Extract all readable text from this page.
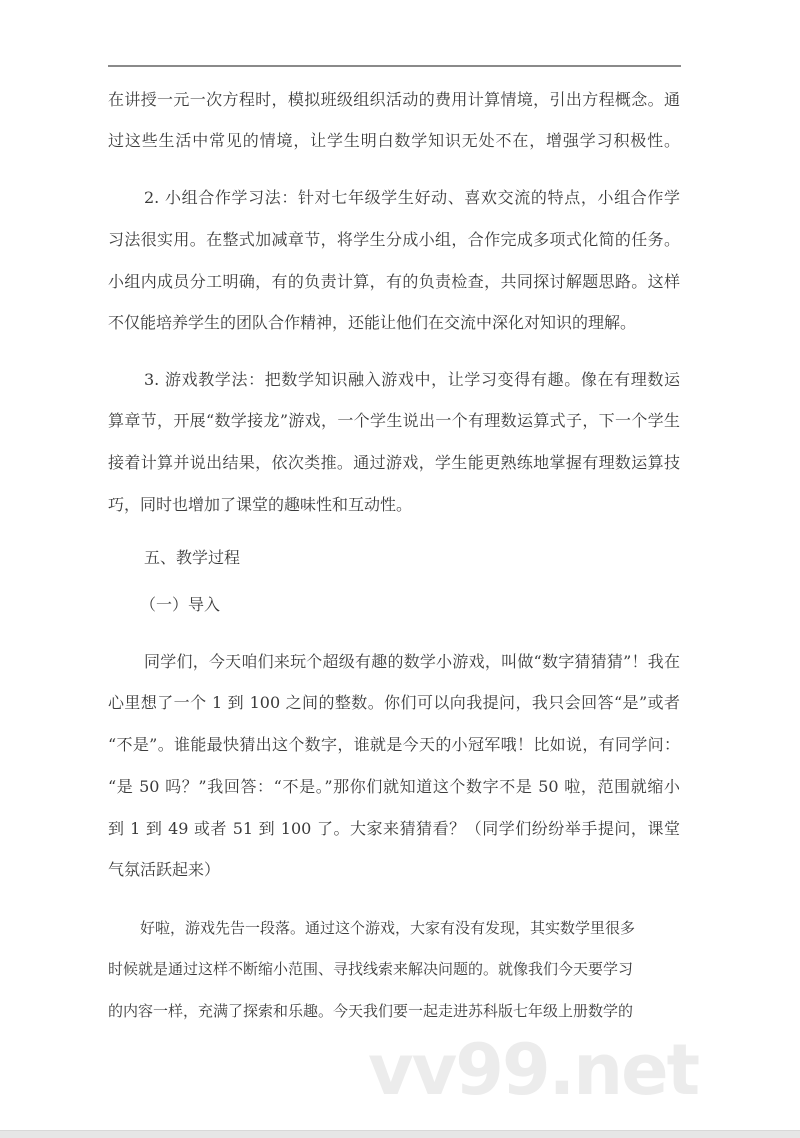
vv99.net
在讲授一元一次方程时，模拟班级组织活动的费用计算情境，引出方程概念。通
过这些生活中常见的情境，让学生明白数学知识无处不在，增强学习积极性。
2. 小组合作学习法：针对七年级学生好动、喜欢交流的特点，小组合作学
习法很实用。在整式加减章节，将学生分成小组，合作完成多项式化简的任务。
小组内成员分工明确，有的负责计算，有的负责检查，共同探讨解题思路。这样
不仅能培养学生的团队合作精神，还能让他们在交流中深化对知识的理解。
3. 游戏教学法：把数学知识融入游戏中，让学习变得有趣。像在有理数运
算章节，开展“数学接龙”游戏，一个学生说出一个有理数运算式子，下一个学生
接着计算并说出结果，依次类推。通过游戏，学生能更熟练地掌握有理数运算技
巧，同时也增加了课堂的趣味性和互动性。
五、教学过程
（一）导入
同学们，今天咱们来玩个超级有趣的数学小游戏，叫做“数字猜猜猜”！我在
心里想了一个 1 到 100 之间的整数。你们可以向我提问，我只会回答“是”或者
“不是”。谁能最快猜出这个数字，谁就是今天的小冠军哦！比如说，有同学问：
“是 50 吗？”我回答：“不是。”那你们就知道这个数字不是 50 啦，范围就缩小
到 1 到 49 或者 51 到 100 了。大家来猜猜看？（同学们纷纷举手提问，课堂
气氛活跃起来）
好啦，游戏先告一段落。通过这个游戏，大家有没有发现，其实数学里很多
时候就是通过这样不断缩小范围、寻找线索来解决问题的。就像我们今天要学习
的内容一样，充满了探索和乐趣。今天我们要一起走进苏科版七年级上册数学的
